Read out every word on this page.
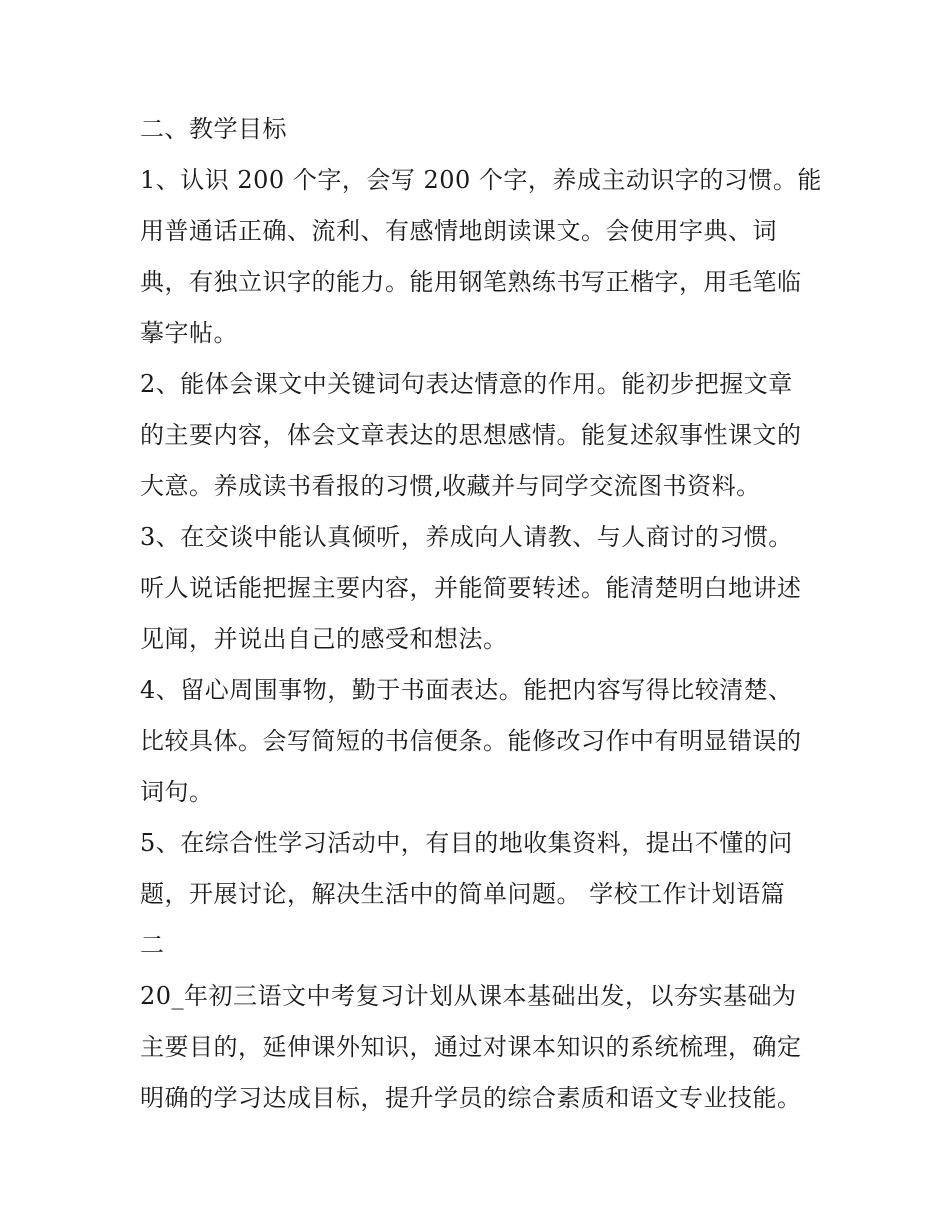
二、教学目标
1、认识 200 个字，会写 200 个字，养成主动识字的习惯。能
用普通话正确、流利、有感情地朗读课文。会使用字典、词
典，有独立识字的能力。能用钢笔熟练书写正楷字，用毛笔临
摹字帖。
2、能体会课文中关键词句表达情意的作用。能初步把握文章
的主要内容，体会文章表达的思想感情。能复述叙事性课文的
大意。养成读书看报的习惯,收藏并与同学交流图书资料。
3、在交谈中能认真倾听，养成向人请教、与人商讨的习惯。
听人说话能把握主要内容，并能简要转述。能清楚明白地讲述
见闻，并说出自己的感受和想法。
4、留心周围事物，勤于书面表达。能把内容写得比较清楚、
比较具体。会写简短的书信便条。能修改习作中有明显错误的
词句。
5、在综合性学习活动中，有目的地收集资料，提出不懂的问
题，开展讨论，解决生活中的简单问题。 学校工作计划语篇
二
20_年初三语文中考复习计划从课本基础出发，以夯实基础为
主要目的，延伸课外知识，通过对课本知识的系统梳理，确定
明确的学习达成目标，提升学员的综合素质和语文专业技能。
